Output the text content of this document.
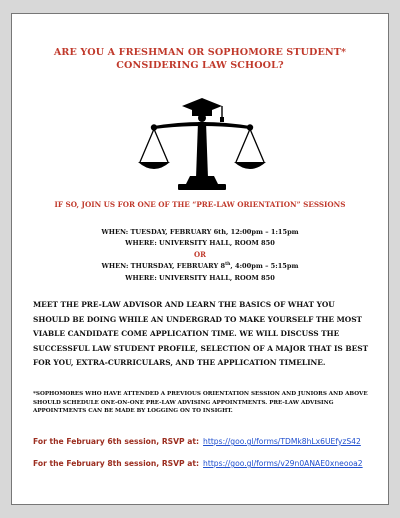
ARE YOU A FRESHMAN OR SOPHOMORE STUDENT*
CONSIDERING LAW SCHOOL?

IF SO, JOIN US FOR ONE OF THE “PRE-LAW ORIENTATION” SESSIONS

WHEN: TUESDAY, FEBRUARY 6th, 12:00pm – 1:15pm

WHERE: UNIVERSITY HALL, ROOM 850

OR

WHEN: THURSDAY, FEBRUARY 8th, 4:00pm – 5:15pm

WHERE: UNIVERSITY HALL, ROOM 850

MEET THE PRE-LAW ADVISOR AND LEARN THE BASICS OF WHAT YOU SHOULD BE DOING WHILE AN UNDERGRAD TO MAKE YOURSELF THE MOST VIABLE CANDIDATE COME APPLICATION TIME. WE WILL DISCUSS THE SUCCESSFUL LAW STUDENT PROFILE, SELECTION OF A MAJOR THAT IS BEST FOR YOU, EXTRA-CURRICULARS, AND THE APPLICATION TIMELINE.

*SOPHOMORES WHO HAVE ATTENDED A PREVIOUS ORIENTATION SESSION AND JUNIORS AND ABOVE SHOULD SCHEDULE ONE-ON-ONE PRE-LAW ADVISING APPOINTMENTS. PRE-LAW ADVISING APPOINTMENTS CAN BE MADE BY LOGGING ON TO INSIGHT.

For the February 6th session, RSVP at: https://goo.gl/forms/TDMk8hLx6UEfyzS42

For the February 8th session, RSVP at: https://goo.gl/forms/v29n0ANAE0xneooa2
